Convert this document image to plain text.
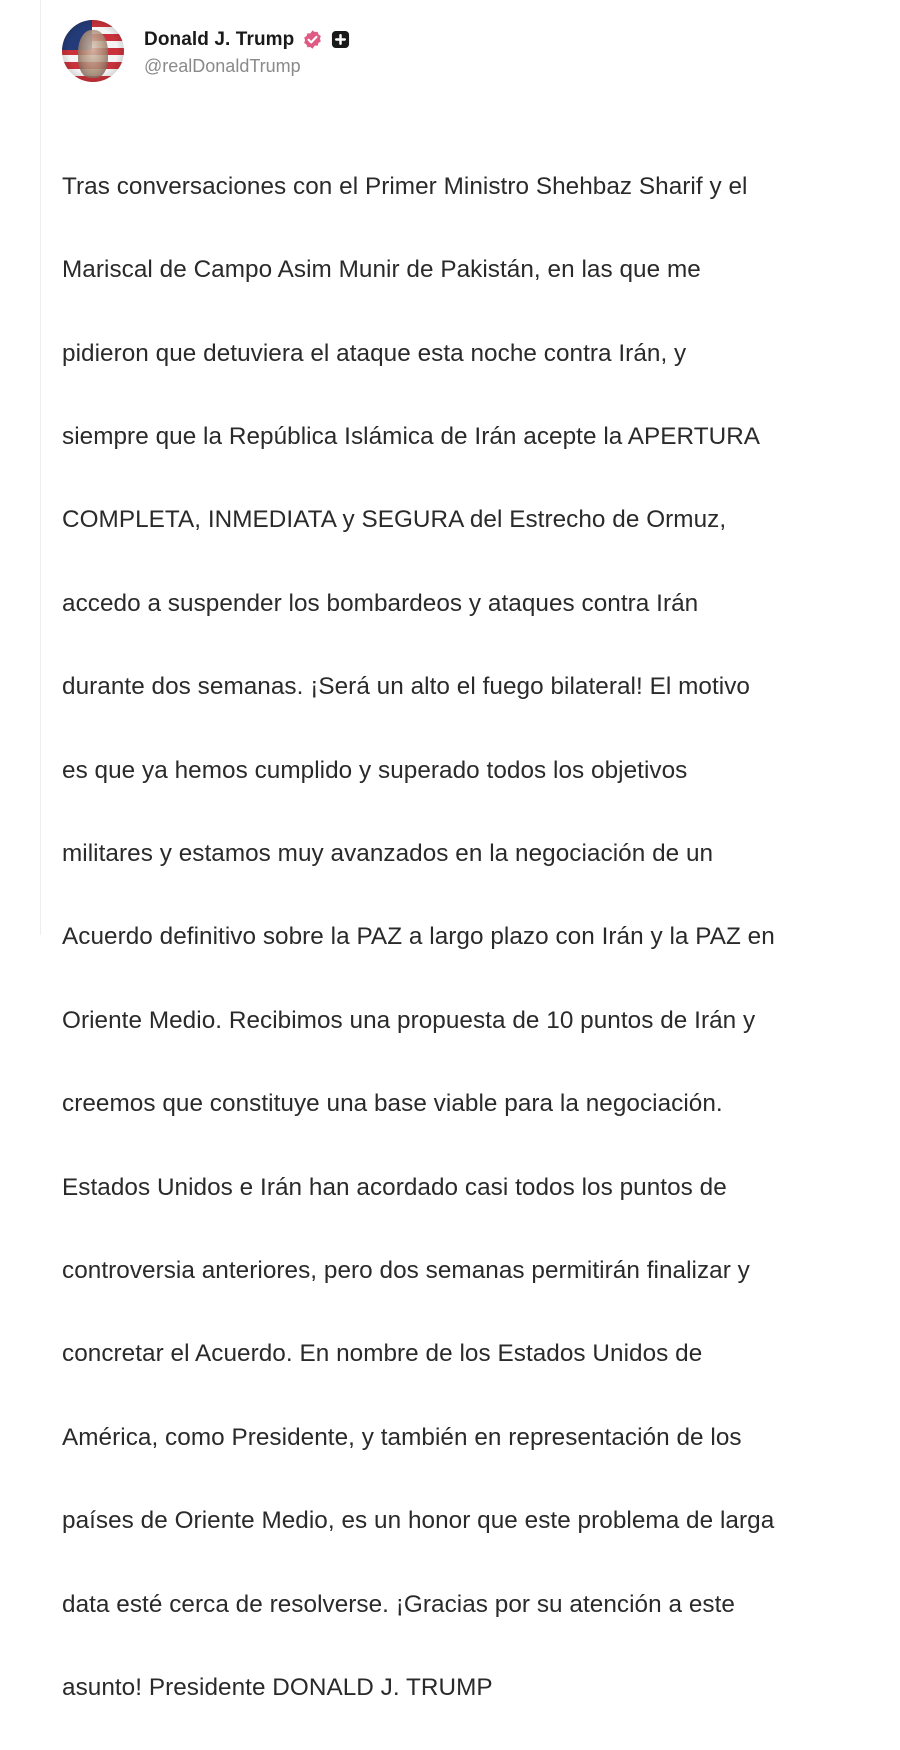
Donald J. Trump
@realDonaldTrump

Tras conversaciones con el Primer Ministro Shehbaz Sharif y el

Mariscal de Campo Asim Munir de Pakistán, en las que me

pidieron que detuviera el ataque esta noche contra Irán, y

siempre que la República Islámica de Irán acepte la APERTURA

COMPLETA, INMEDIATA y SEGURA del Estrecho de Ormuz,

accedo a suspender los bombardeos y ataques contra Irán

durante dos semanas. ¡Será un alto el fuego bilateral! El motivo

es que ya hemos cumplido y superado todos los objetivos

militares y estamos muy avanzados en la negociación de un

Acuerdo definitivo sobre la PAZ a largo plazo con Irán y la PAZ en

Oriente Medio. Recibimos una propuesta de 10 puntos de Irán y

creemos que constituye una base viable para la negociación.

Estados Unidos e Irán han acordado casi todos los puntos de

controversia anteriores, pero dos semanas permitirán finalizar y

concretar el Acuerdo. En nombre de los Estados Unidos de

América, como Presidente, y también en representación de los

países de Oriente Medio, es un honor que este problema de larga

data esté cerca de resolverse. ¡Gracias por su atención a este

asunto! Presidente DONALD J. TRUMP
